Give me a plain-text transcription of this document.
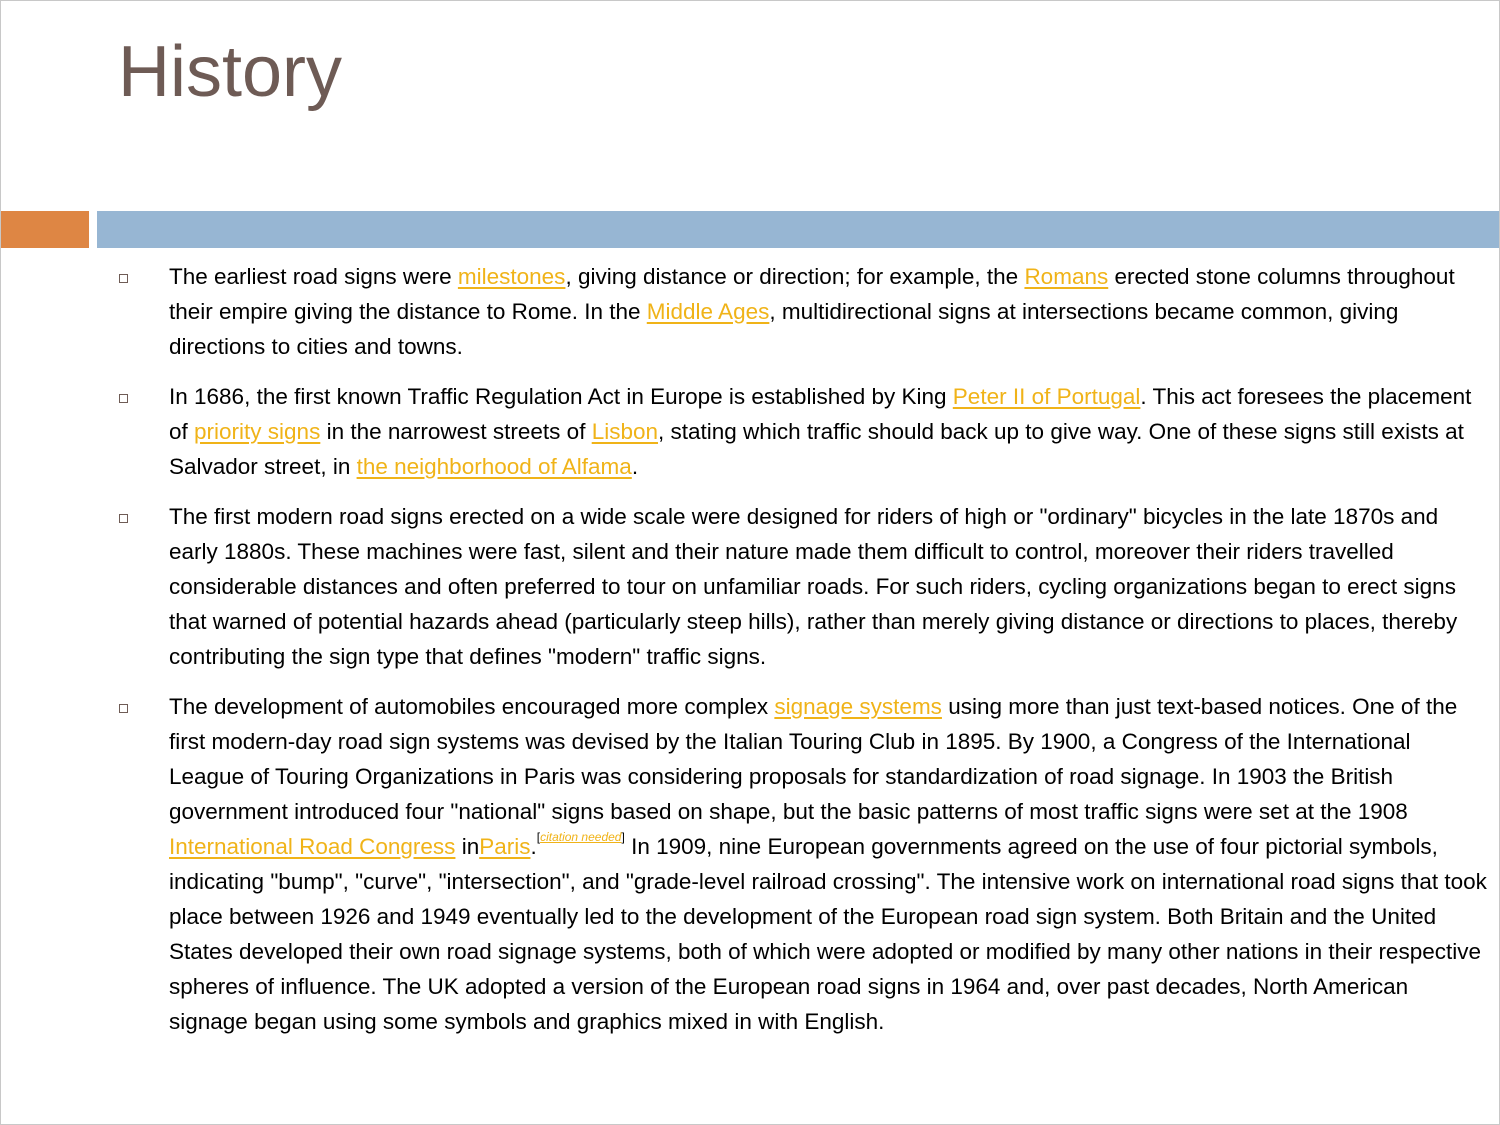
History
The earliest road signs were milestones, giving distance or direction; for example, the Romans erected stone columns throughout their empire giving the distance to Rome. In the Middle Ages, multidirectional signs at intersections became common, giving directions to cities and towns.
In 1686, the first known Traffic Regulation Act in Europe is established by King Peter II of Portugal. This act foresees the placement of priority signs in the narrowest streets of Lisbon, stating which traffic should back up to give way. One of these signs still exists at Salvador street, in the neighborhood of Alfama.
The first modern road signs erected on a wide scale were designed for riders of high or "ordinary" bicycles in the late 1870s and early 1880s. These machines were fast, silent and their nature made them difficult to control, moreover their riders travelled considerable distances and often preferred to tour on unfamiliar roads. For such riders, cycling organizations began to erect signs that warned of potential hazards ahead (particularly steep hills), rather than merely giving distance or directions to places, thereby contributing the sign type that defines "modern" traffic signs.
The development of automobiles encouraged more complex signage systems using more than just text-based notices. One of the first modern-day road sign systems was devised by the Italian Touring Club in 1895. By 1900, a Congress of the International League of Touring Organizations in Paris was considering proposals for standardization of road signage. In 1903 the British government introduced four "national" signs based on shape, but the basic patterns of most traffic signs were set at the 1908 International Road Congress inParis.[citation needed] In 1909, nine European governments agreed on the use of four pictorial symbols, indicating "bump", "curve", "intersection", and "grade-level railroad crossing". The intensive work on international road signs that took place between 1926 and 1949 eventually led to the development of the European road sign system. Both Britain and the United States developed their own road signage systems, both of which were adopted or modified by many other nations in their respective spheres of influence. The UK adopted a version of the European road signs in 1964 and, over past decades, North American signage began using some symbols and graphics mixed in with English.
